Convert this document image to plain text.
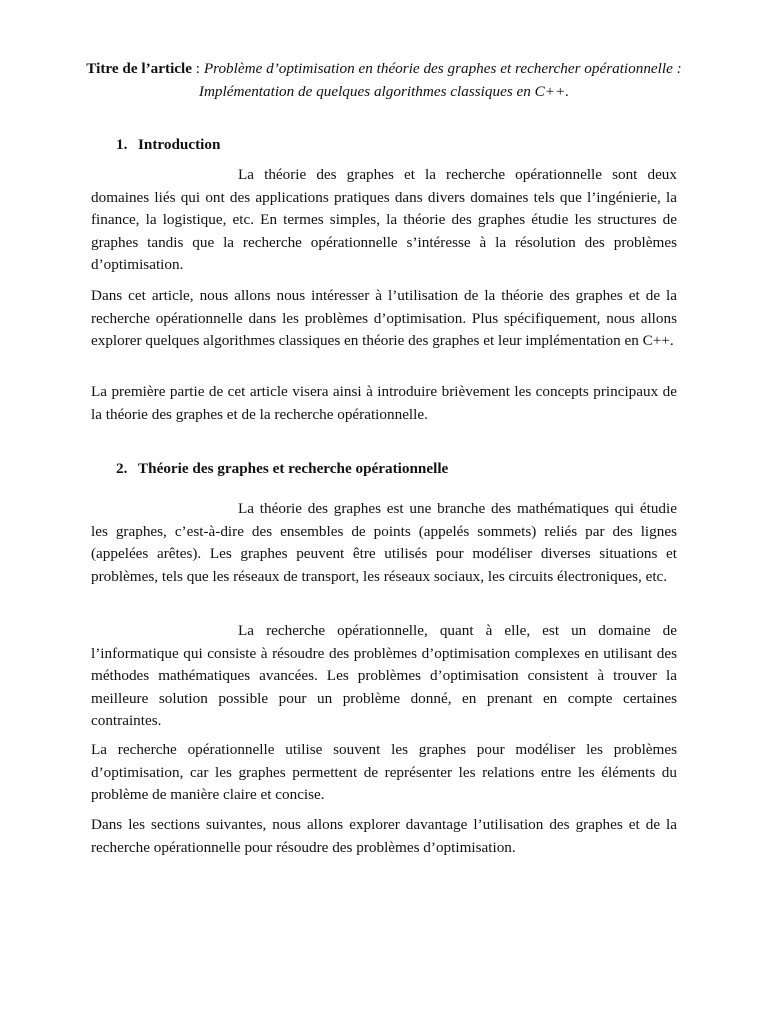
Titre de l’article : Problème d’optimisation en théorie des graphes et rechercher opérationnelle : Implémentation de quelques algorithmes classiques en C++.
1. Introduction

La théorie des graphes et la recherche opérationnelle sont deux domaines liés qui ont des applications pratiques dans divers domaines tels que l’ingénierie, la finance, la logistique, etc. En termes simples, la théorie des graphes étudie les structures de graphes tandis que la recherche opérationnelle s’intéresse à la résolution des problèmes d’optimisation.

Dans cet article, nous allons nous intéresser à l’utilisation de la théorie des graphes et de la recherche opérationnelle dans les problèmes d’optimisation. Plus spécifiquement, nous allons explorer quelques algorithmes classiques en théorie des graphes et leur implémentation en C++.

La première partie de cet article visera ainsi à introduire brièvement les concepts principaux de la théorie des graphes et de la recherche opérationnelle.

2. Théorie des graphes et recherche opérationnelle

La théorie des graphes est une branche des mathématiques qui étudie les graphes, c’est-à-dire des ensembles de points (appelés sommets) reliés par des lignes (appelées arêtes). Les graphes peuvent être utilisés pour modéliser diverses situations et problèmes, tels que les réseaux de transport, les réseaux sociaux, les circuits électroniques, etc.

La recherche opérationnelle, quant à elle, est un domaine de l’informatique qui consiste à résoudre des problèmes d’optimisation complexes en utilisant des méthodes mathématiques avancées. Les problèmes d’optimisation consistent à trouver la meilleure solution possible pour un problème donné, en prenant en compte certaines contraintes.

La recherche opérationnelle utilise souvent les graphes pour modéliser les problèmes d’optimisation, car les graphes permettent de représenter les relations entre les éléments du problème de manière claire et concise.

Dans les sections suivantes, nous allons explorer davantage l’utilisation des graphes et de la recherche opérationnelle pour résoudre des problèmes d’optimisation.
